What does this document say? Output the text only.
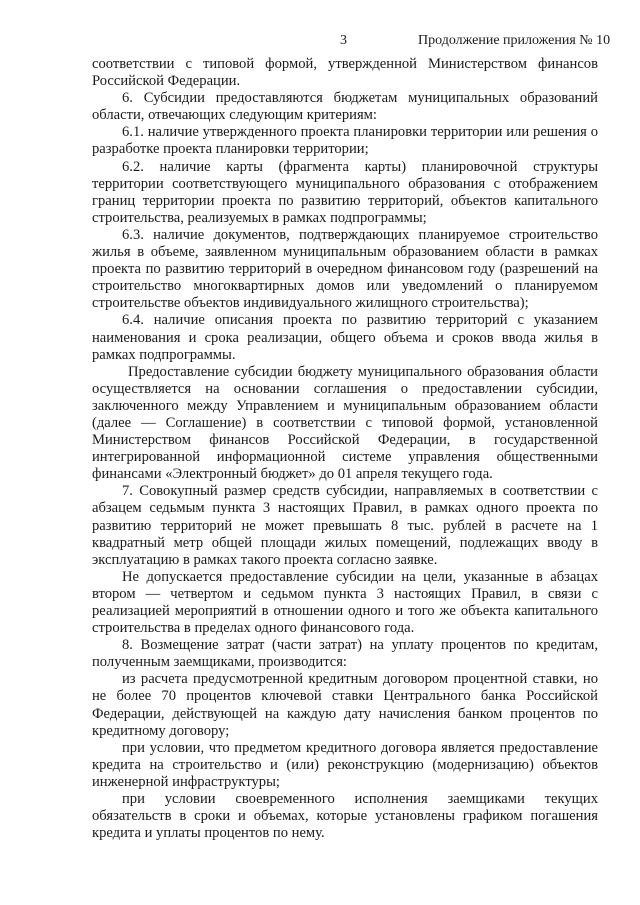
3	Продолжение приложения № 10

соответствии с типовой формой, утвержденной Министерством финансов Российской Федерации.

6. Субсидии предоставляются бюджетам муниципальных образований области, отвечающих следующим критериям:

6.1. наличие утвержденного проекта планировки территории или решения о разработке проекта планировки территории;

6.2. наличие карты (фрагмента карты) планировочной структуры территории соответствующего муниципального образования с отображением границ территории проекта по развитию территорий, объектов капитального строительства, реализуемых в рамках подпрограммы;

6.3. наличие документов, подтверждающих планируемое строительство жилья в объеме, заявленном муниципальным образованием области в рамках проекта по развитию территорий в очередном финансовом году (разрешений на строительство многоквартирных домов или уведомлений о планируемом строительстве объектов индивидуального жилищного строительства);

6.4. наличие описания проекта по развитию территорий с указанием наименования и срока реализации, общего объема и сроков ввода жилья в рамках подпрограммы.

Предоставление субсидии бюджету муниципального образования области осуществляется на основании соглашения о предоставлении субсидии, заключенного между Управлением и муниципальным образованием области (далее — Соглашение) в соответствии с типовой формой, установленной Министерством финансов Российской Федерации, в государственной интегрированной информационной системе управления общественными финансами «Электронный бюджет» до 01 апреля текущего года.

7. Совокупный размер средств субсидии, направляемых в соответствии с абзацем седьмым пункта 3 настоящих Правил, в рамках одного проекта по развитию территорий не может превышать 8 тыс. рублей в расчете на 1 квадратный метр общей площади жилых помещений, подлежащих вводу в эксплуатацию в рамках такого проекта согласно заявке.

Не допускается предоставление субсидии на цели, указанные в абзацах втором — четвертом и седьмом пункта 3 настоящих Правил, в связи с реализацией мероприятий в отношении одного и того же объекта капитального строительства в пределах одного финансового года.

8. Возмещение затрат (части затрат) на уплату процентов по кредитам, полученным заемщиками, производится:

из расчета предусмотренной кредитным договором процентной ставки, но не более 70 процентов ключевой ставки Центрального банка Российской Федерации, действующей на каждую дату начисления банком процентов по кредитному договору;

при условии, что предметом кредитного договора является предоставление кредита на строительство и (или) реконструкцию (модернизацию) объектов инженерной инфраструктуры;

при условии своевременного исполнения заемщиками текущих обязательств в сроки и объемах, которые установлены графиком погашения кредита и уплаты процентов по нему.
